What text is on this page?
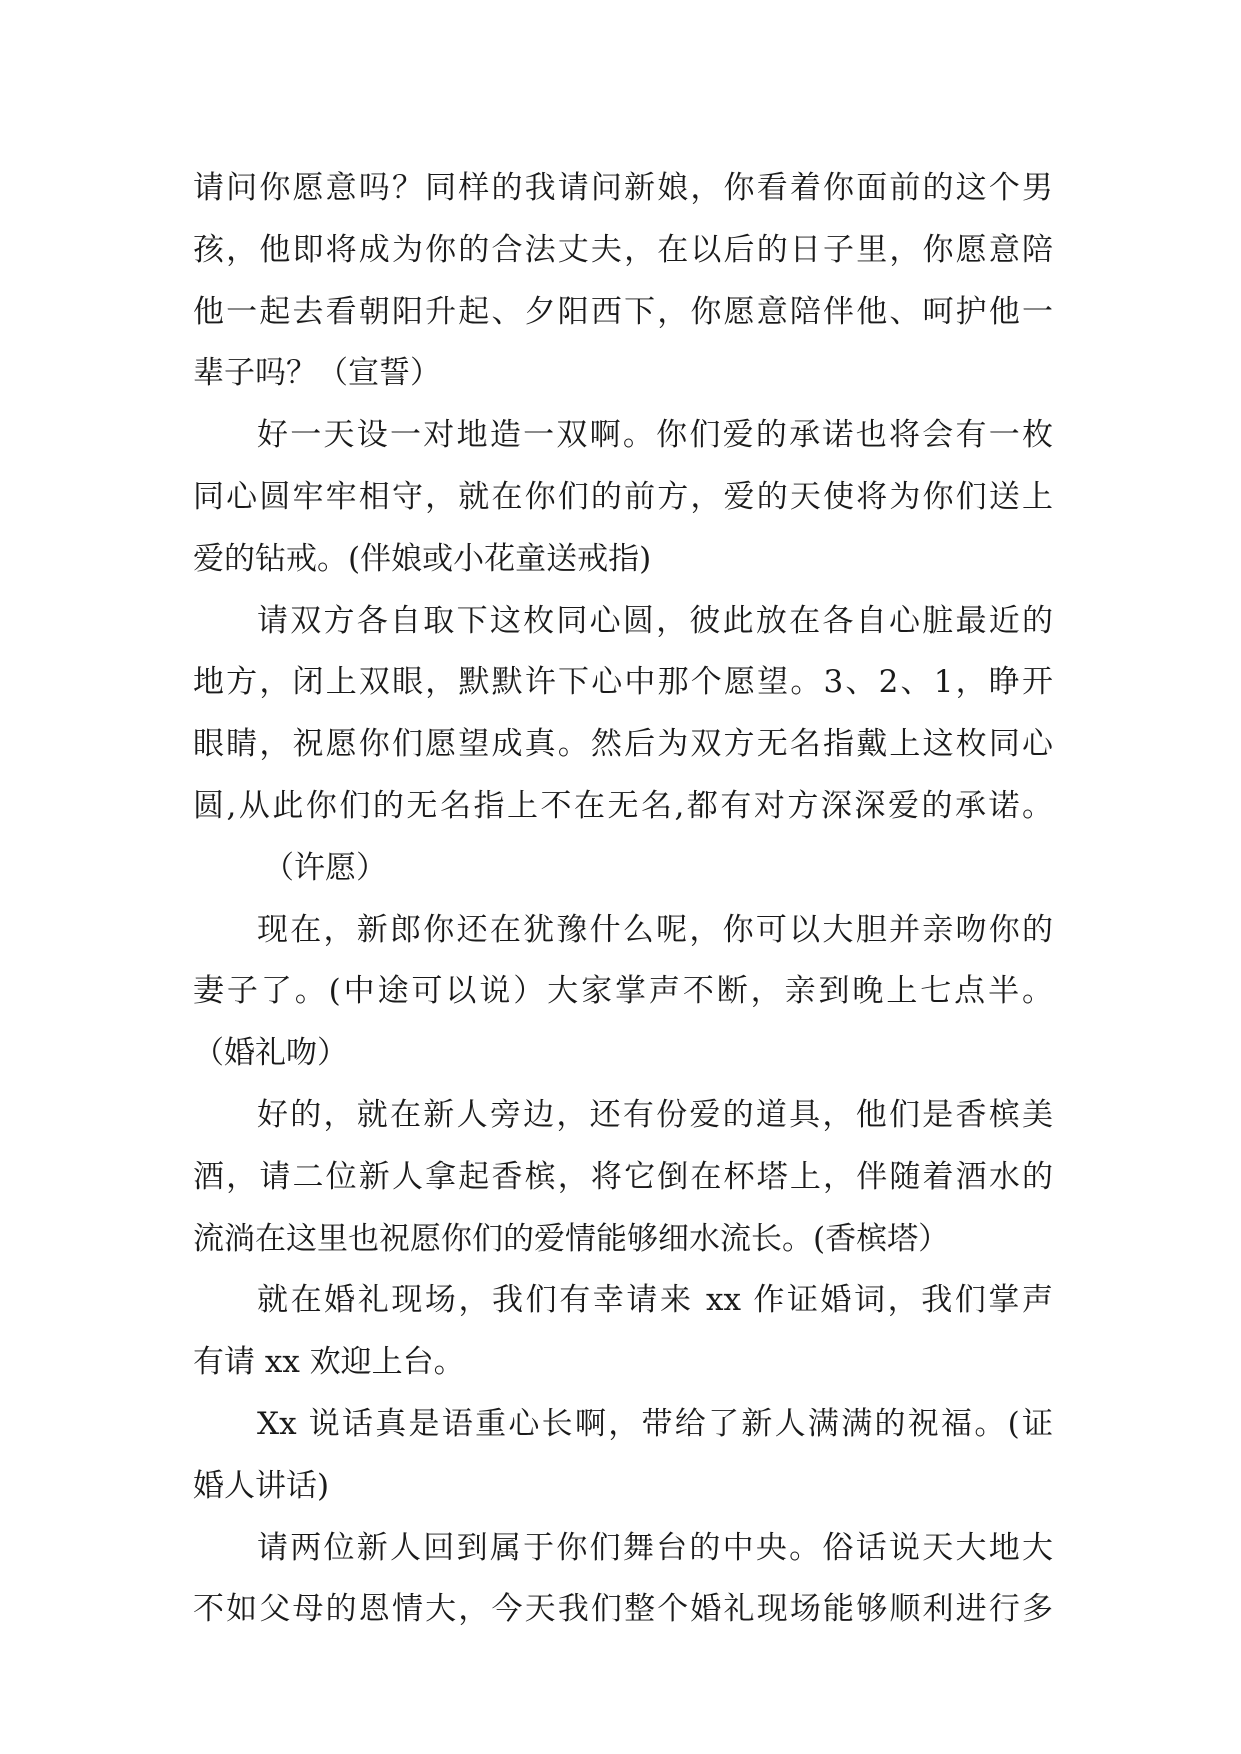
请问你愿意吗？同样的我请问新娘，你看着你面前的这个男
孩，他即将成为你的合法丈夫，在以后的日子里，你愿意陪
他一起去看朝阳升起、夕阳西下，你愿意陪伴他、呵护他一
辈子吗？（宣誓）
好一天设一对地造一双啊。你们爱的承诺也将会有一枚
同心圆牢牢相守，就在你们的前方，爱的天使将为你们送上
爱的钻戒。(伴娘或小花童送戒指)
请双方各自取下这枚同心圆，彼此放在各自心脏最近的
地方，闭上双眼，默默许下心中那个愿望。3、2、1，睁开
眼睛，祝愿你们愿望成真。然后为双方无名指戴上这枚同心
圆,从此你们的无名指上不在无名,都有对方深深爱的承诺。
（许愿）
现在，新郎你还在犹豫什么呢，你可以大胆并亲吻你的
妻子了。(中途可以说）大家掌声不断，亲到晚上七点半。
（婚礼吻）
好的，就在新人旁边，还有份爱的道具，他们是香槟美
酒，请二位新人拿起香槟，将它倒在杯塔上，伴随着酒水的
流淌在这里也祝愿你们的爱情能够细水流长。(香槟塔）
就在婚礼现场，我们有幸请来 xx 作证婚词，我们掌声
有请 xx 欢迎上台。
Xx 说话真是语重心长啊，带给了新人满满的祝福。(证
婚人讲话)
请两位新人回到属于你们舞台的中央。俗话说天大地大
不如父母的恩情大，今天我们整个婚礼现场能够顺利进行多
